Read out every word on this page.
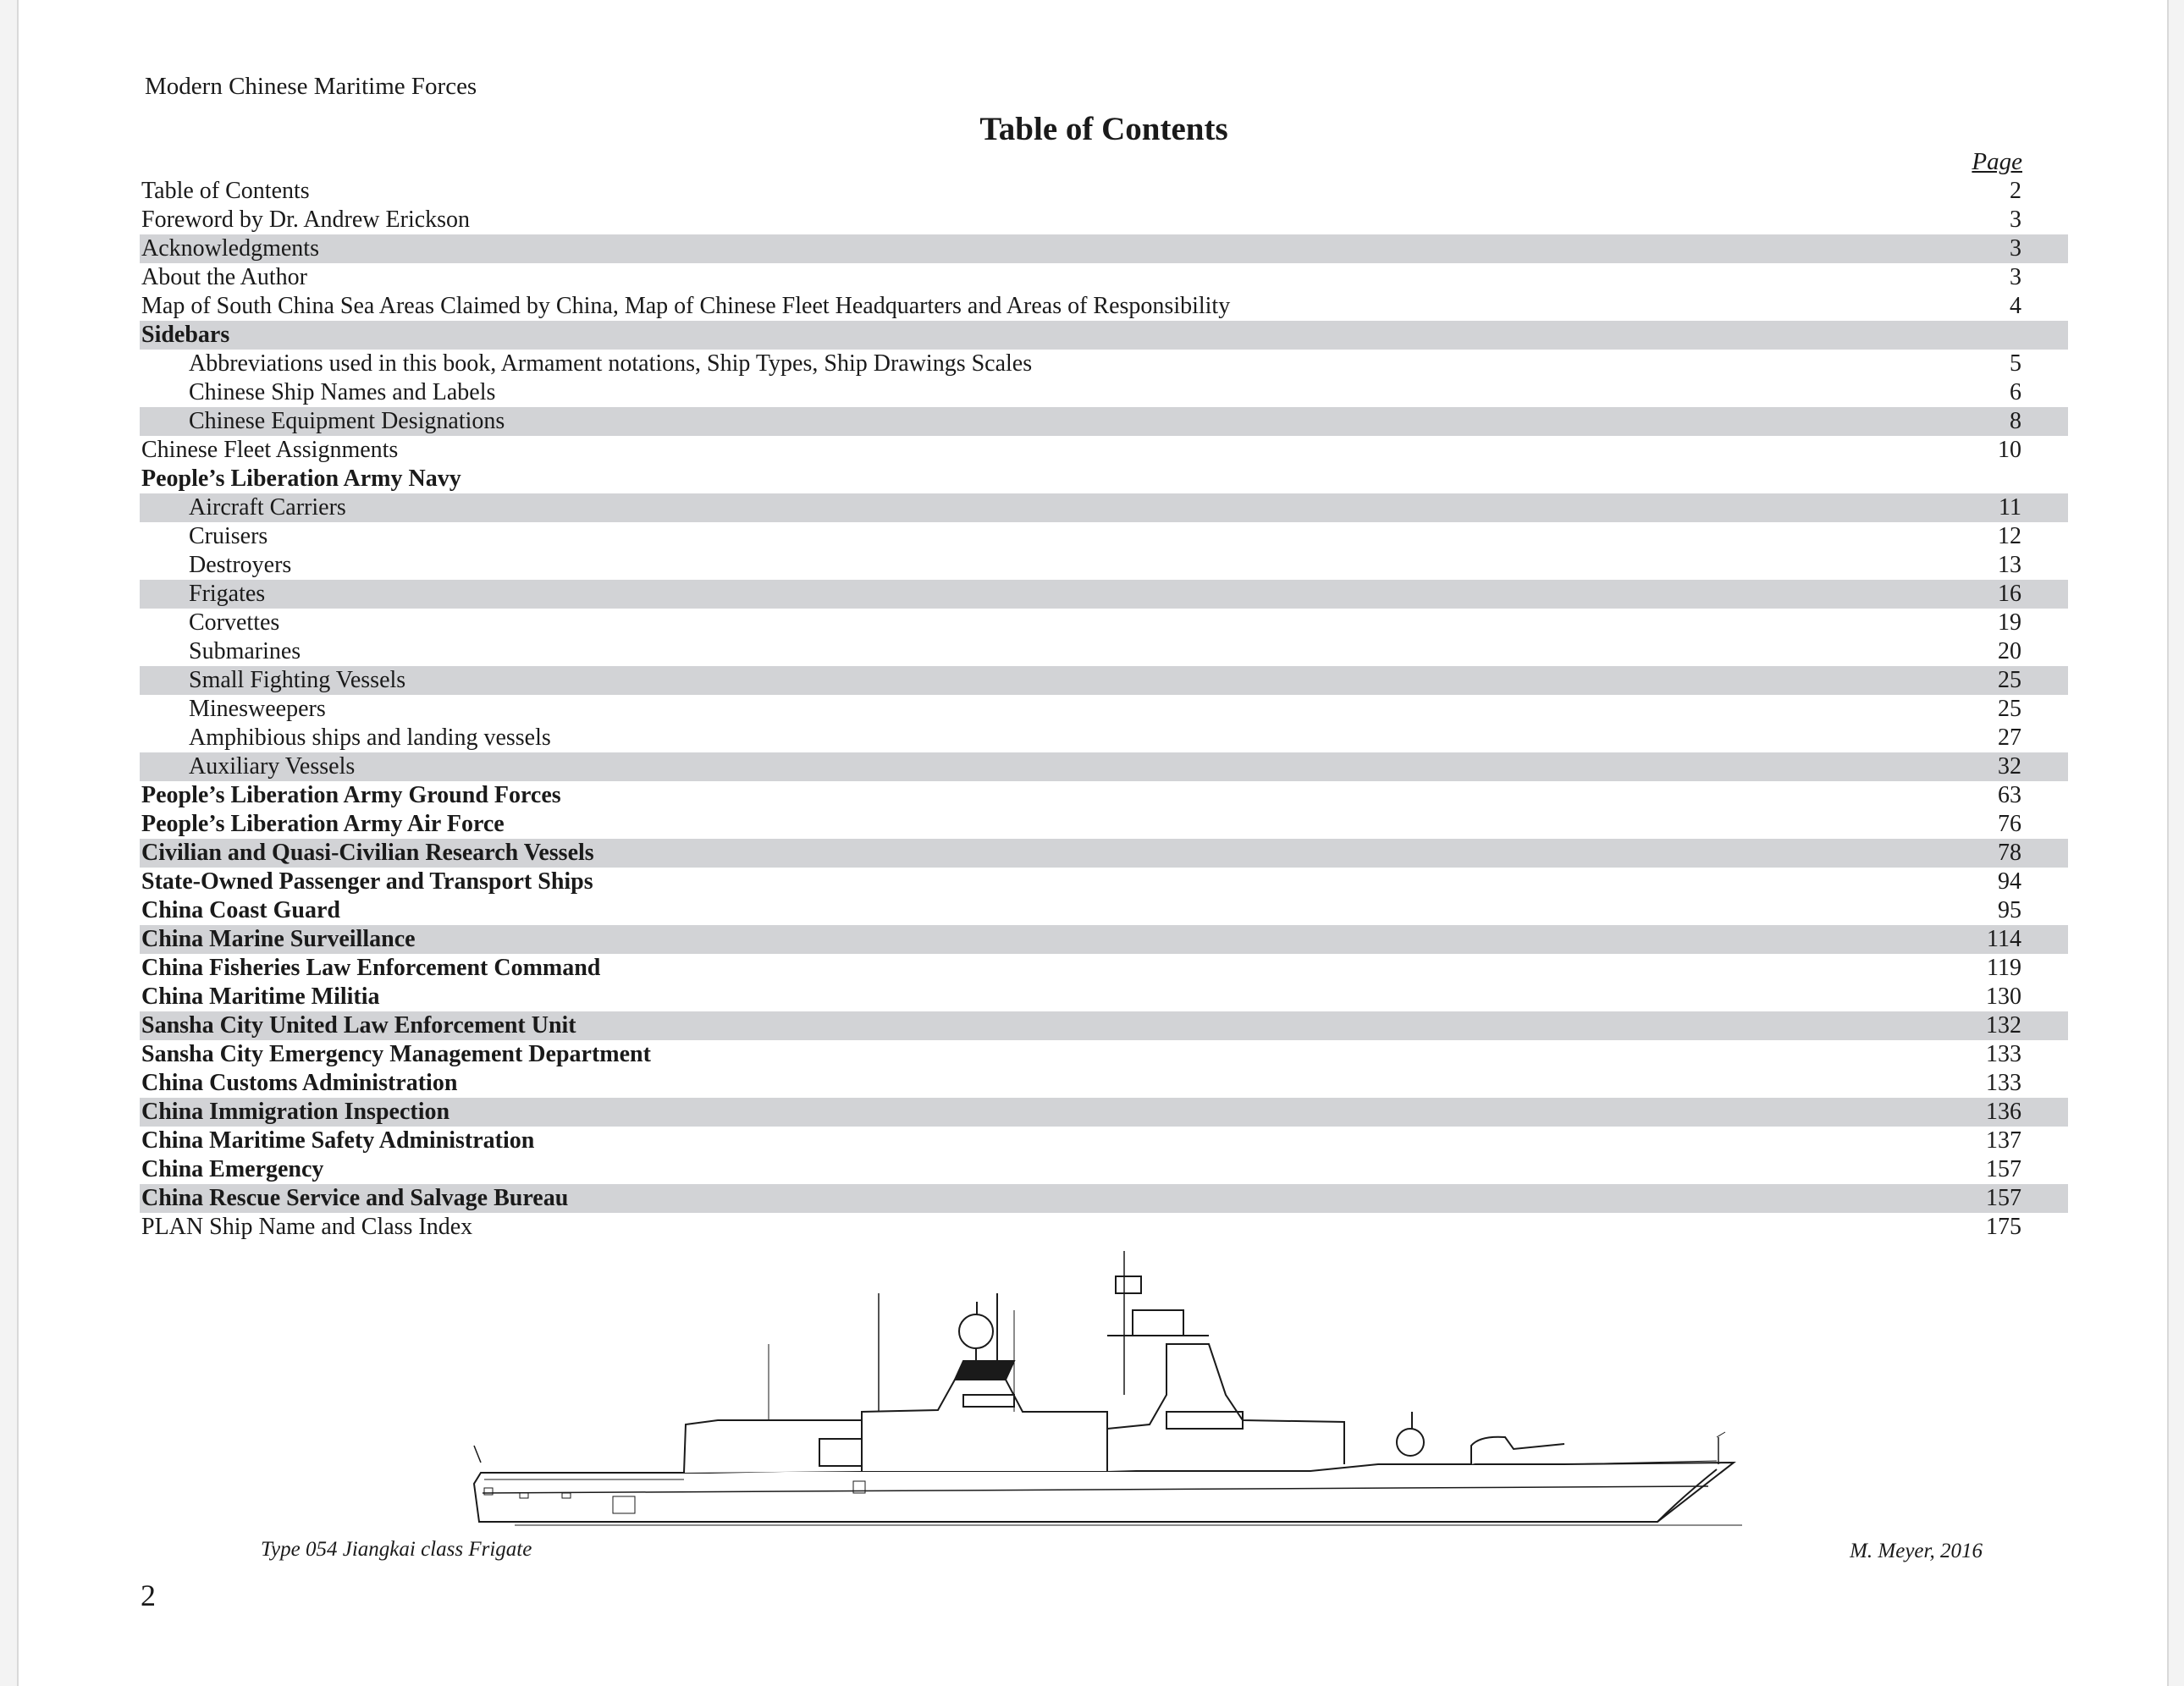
Modern Chinese Maritime Forces
Table of Contents
Page
Table of Contents	2
Foreword by Dr. Andrew Erickson	3
Acknowledgments	3
About the Author	3
Map of South China Sea Areas Claimed by China, Map of Chinese Fleet Headquarters and Areas of Responsibility	4
Sidebars
Abbreviations used in this book, Armament notations, Ship Types, Ship Drawings Scales	5
Chinese Ship Names and Labels	6
Chinese Equipment Designations	8
Chinese Fleet Assignments	10
People’s Liberation Army Navy
Aircraft Carriers	11
Cruisers	12
Destroyers	13
Frigates	16
Corvettes	19
Submarines	20
Small Fighting Vessels	25
Minesweepers	25
Amphibious ships and landing vessels	27
Auxiliary Vessels	32
People’s Liberation Army Ground Forces	63
People’s Liberation Army Air Force	76
Civilian and Quasi-Civilian Research Vessels	78
State-Owned Passenger and Transport Ships	94
China Coast Guard	95
China Marine Surveillance	114
China Fisheries Law Enforcement Command	119
China Maritime Militia	130
Sansha City United Law Enforcement Unit	132
Sansha City Emergency Management Department	133
China Customs Administration	133
China Immigration Inspection	136
China Maritime Safety Administration	137
China Emergency	157
China Rescue Service and Salvage Bureau	157
PLAN Ship Name and Class Index	175
Type 054 Jiangkai class Frigate	M. Meyer, 2016
2
